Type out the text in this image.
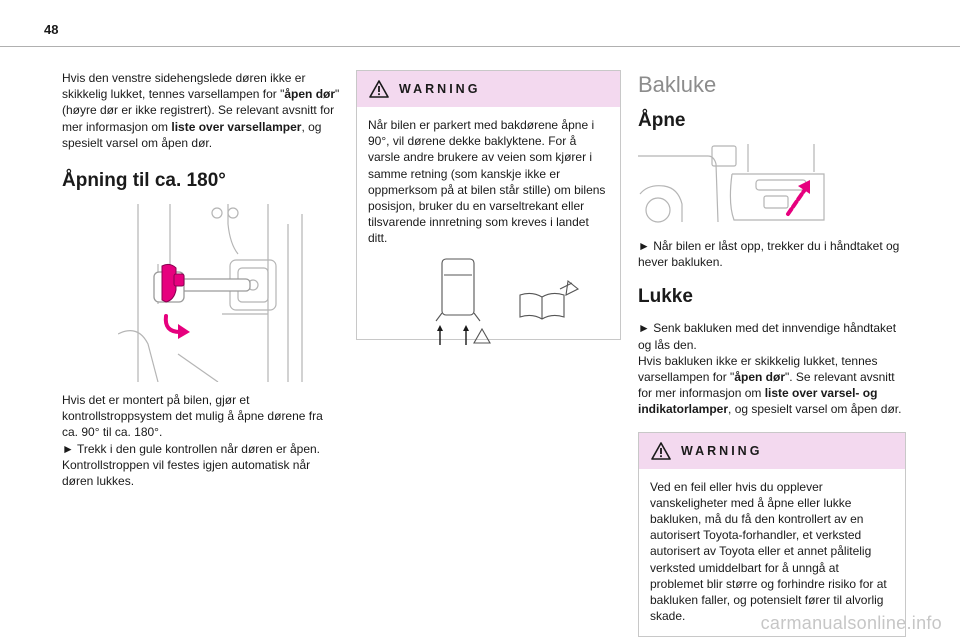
48

Hvis den venstre sidehengslede døren ikke er skikkelig lukket, tennes varsellampen for "åpen dør" (høyre dør er ikke registrert). Se relevant avsnitt for mer informasjon om liste over varsellamper, og spesielt varsel om åpen dør.

Åpning til ca. 180°

Hvis det er montert på bilen, gjør et kontrollstroppsystem det mulig å åpne dørene fra ca. 90° til ca. 180°.

► Trekk i den gule kontrollen når døren er åpen.

Kontrollstroppen vil festes igjen automatisk når døren lukkes.

WARNING

Når bilen er parkert med bakdørene åpne i 90°, vil dørene dekke baklyktene. For å varsle andre brukere av veien som kjører i samme retning (som kanskje ikke er oppmerksom på at bilen står stille) om bilens posisjon, bruker du en varseltrekant eller tilsvarende innretning som kreves i landet ditt.

Bakluke
Åpne

► Når bilen er låst opp, trekker du i håndtaket og hever bakluken.

Lukke

► Senk bakluken med det innvendige håndtaket og lås den.

Hvis bakluken ikke er skikkelig lukket, tennes varsellampen for "åpen dør". Se relevant avsnitt for mer informasjon om liste over varsel- og indikatorlamper, og spesielt varsel om åpen dør.

WARNING

Ved en feil eller hvis du opplever vanskeligheter med å åpne eller lukke bakluken, må du få den kontrollert av en autorisert Toyota-forhandler, et verksted autorisert av Toyota eller et annet pålitelig verksted umiddelbart for å unngå at problemet blir større og forhindre risiko for at bakluken faller, og potensielt fører til alvorlig skade.	carmanualsonline.info
